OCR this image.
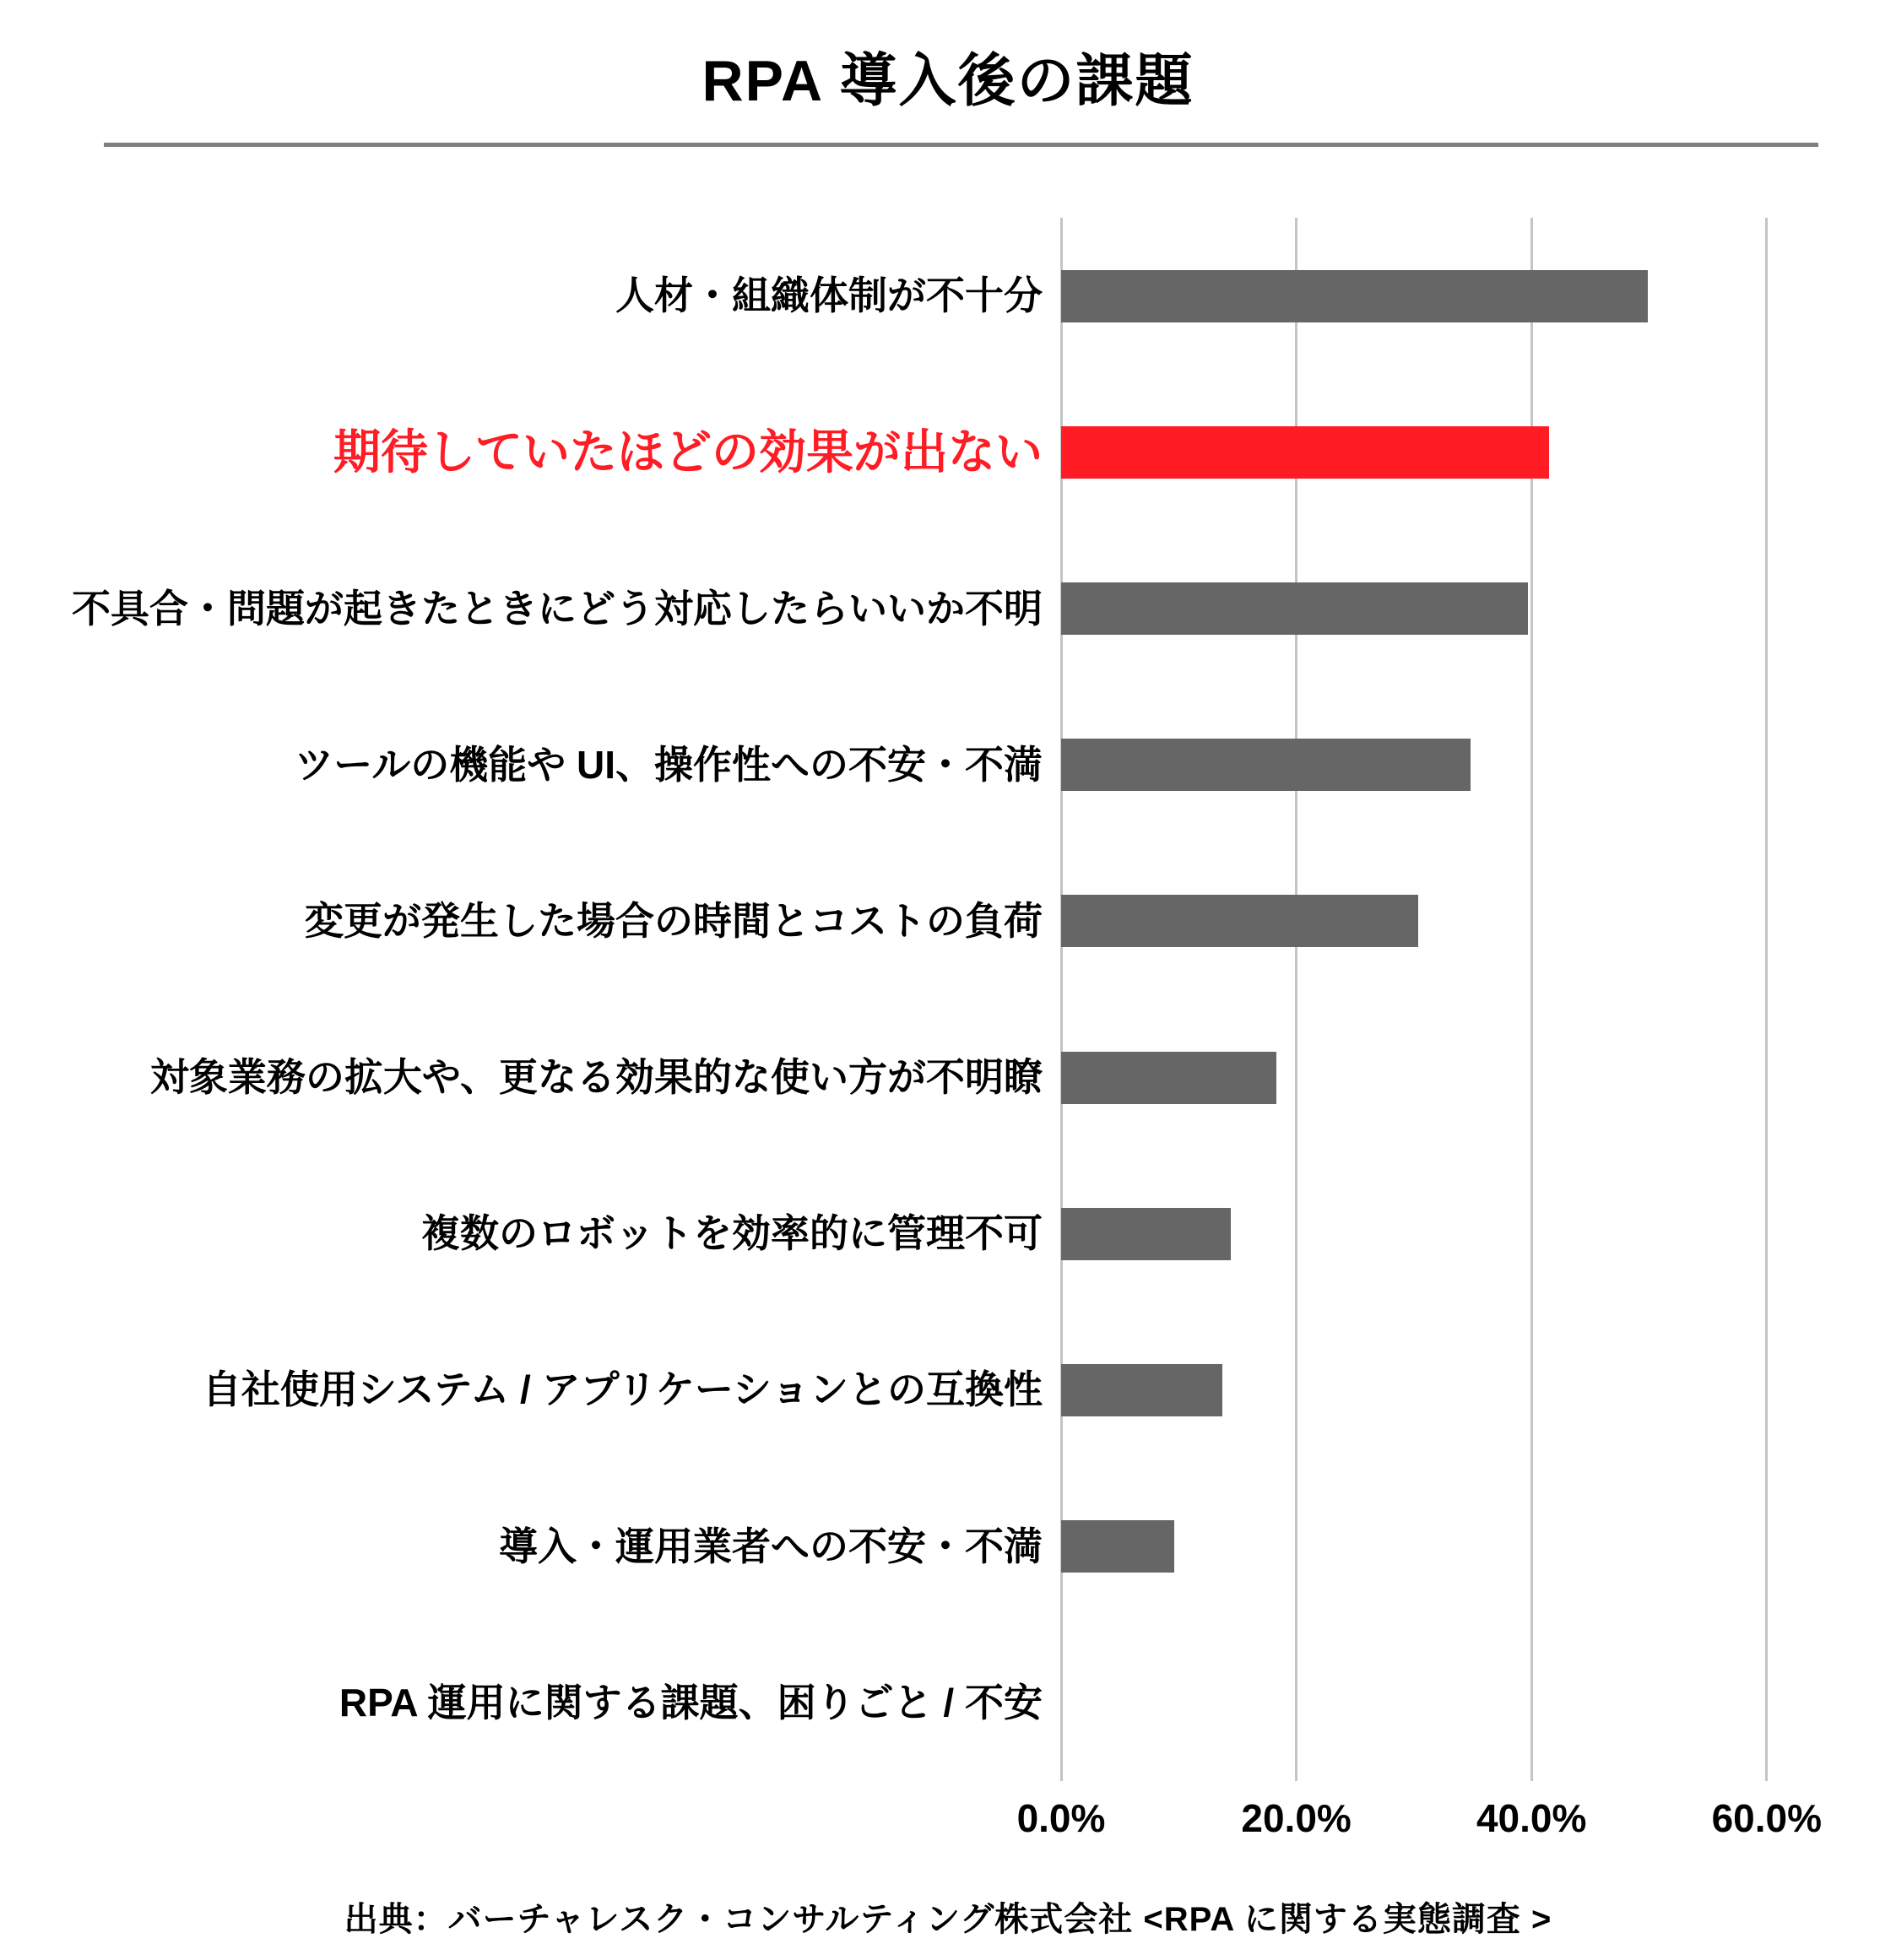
RPA 導入後の課題
人材・組織体制が不十分
期待していたほどの効果が出ない
不具合・問題が起きたときにどう対応したらいいか不明
ツールの機能や UI、操作性への不安・不満
変更が発生した場合の時間とコストの負荷
対象業務の拡大や、更なる効果的な使い方が不明瞭
複数のロボットを効率的に管理不可
自社使用システム / アプリケーションとの互換性
導入・運用業者への不安・不満
RPA 運用に関する課題、困りごと / 不安
0.0%	20.0%	40.0%	60.0%
出典：バーチャレスク・コンサルティング株式会社 <RPA に関する実態調査 >
